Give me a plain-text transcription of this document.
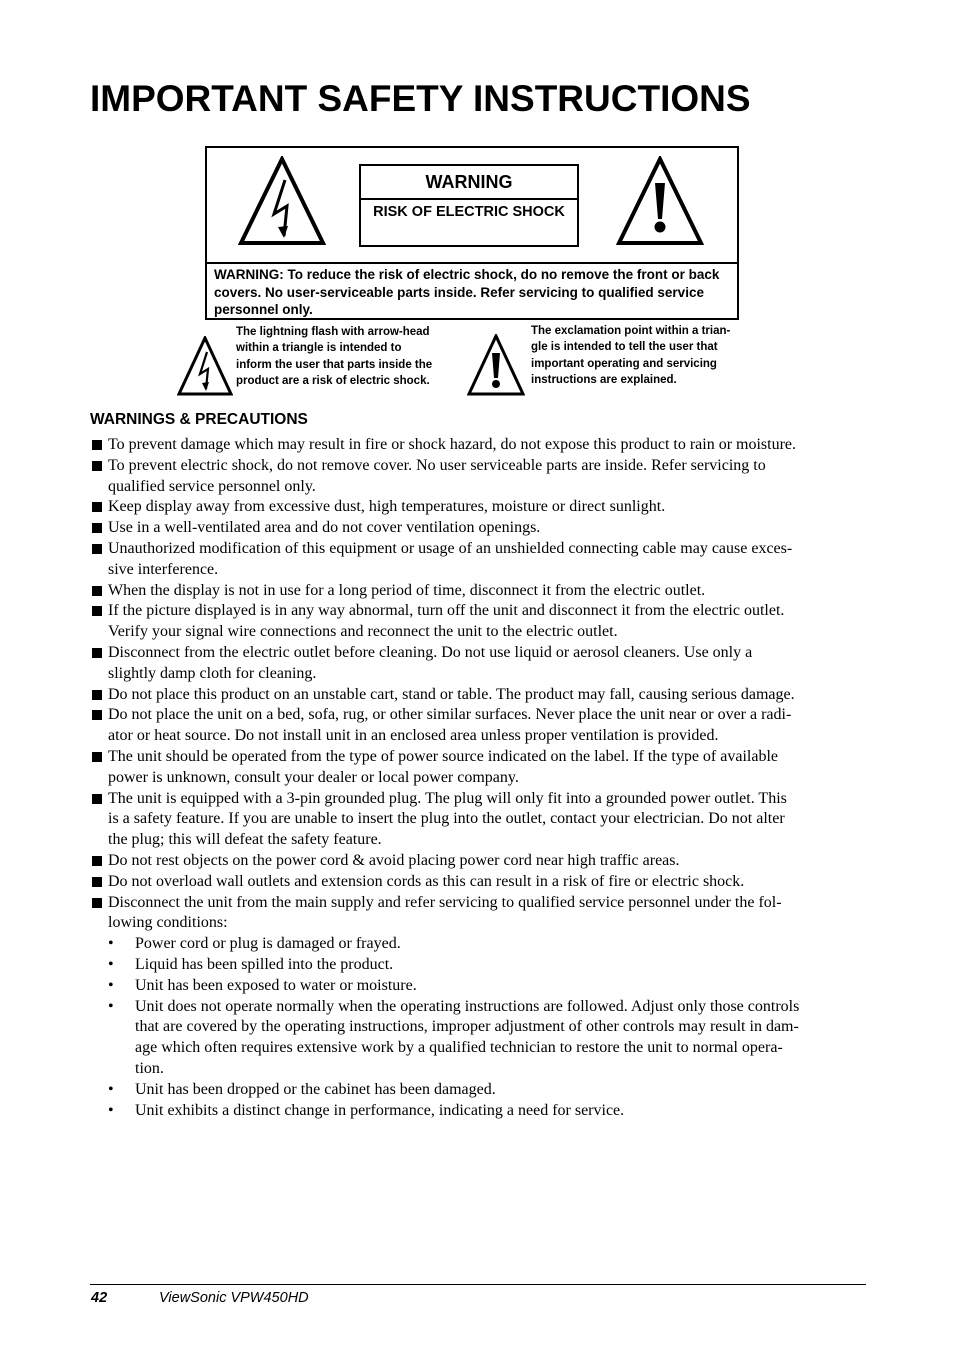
IMPORTANT SAFETY INSTRUCTIONS
WARNING
RISK OF ELECTRIC SHOCK
WARNING: To reduce the risk of electric shock, do no remove the front or back covers. No user-serviceable parts inside. Refer servicing to qualified service personnel only.
The lightning flash with arrow-head
within a triangle is intended to
inform the user that parts inside the
product are a risk of electric shock.
The exclamation point within a trian-
gle is intended to tell the user that
important operating and servicing
instructions are explained.
WARNINGS & PRECAUTIONS
To prevent damage which may result in fire or shock hazard, do not expose this product to rain or moisture.
To prevent electric shock, do not remove cover. No user serviceable parts are inside. Refer servicing to
qualified service personnel only.
Keep display away from excessive dust, high temperatures, moisture or direct sunlight.
Use in a well-ventilated area and do not cover ventilation openings.
Unauthorized modification of this equipment or usage of an unshielded connecting cable may cause exces-
sive interference.
When the display is not in use for a long period of time, disconnect it from the electric outlet.
If the picture displayed is in any way abnormal, turn off the unit and disconnect it from the electric outlet.
Verify your signal wire connections and reconnect the unit to the electric outlet.
Disconnect from the electric outlet before cleaning. Do not use liquid or aerosol cleaners. Use only a
slightly damp cloth for cleaning.
Do not place this product on an unstable cart, stand or table. The product may fall, causing serious damage.
Do not place the unit on a bed, sofa, rug, or other similar surfaces. Never place the unit near or over a radi-
ator or heat source. Do not install unit in an enclosed area unless proper ventilation is provided.
The unit should be operated from the type of power source indicated on the label. If the type of available
power is unknown, consult your dealer or local power company.
The unit is equipped with a 3-pin grounded plug. The plug will only fit into a grounded power outlet. This
is a safety feature. If you are unable to insert the plug into the outlet, contact your electrician. Do not alter
the plug; this will defeat the safety feature.
Do not rest objects on the power cord & avoid placing power cord near high traffic areas.
Do not overload wall outlets and extension cords as this can result in a risk of fire or electric shock.
Disconnect the unit from the main supply and refer servicing to qualified service personnel under the fol-
lowing conditions:
• Power cord or plug is damaged or frayed.
• Liquid has been spilled into the product.
• Unit has been exposed to water or moisture.
• Unit does not operate normally when the operating instructions are followed. Adjust only those controls
that are covered by the operating instructions, improper adjustment of other controls may result in dam-
age which often requires extensive work by a qualified technician to restore the unit to normal opera-
tion.
• Unit has been dropped or the cabinet has been damaged.
• Unit exhibits a distinct change in performance, indicating a need for service.
42	ViewSonic VPW450HD
